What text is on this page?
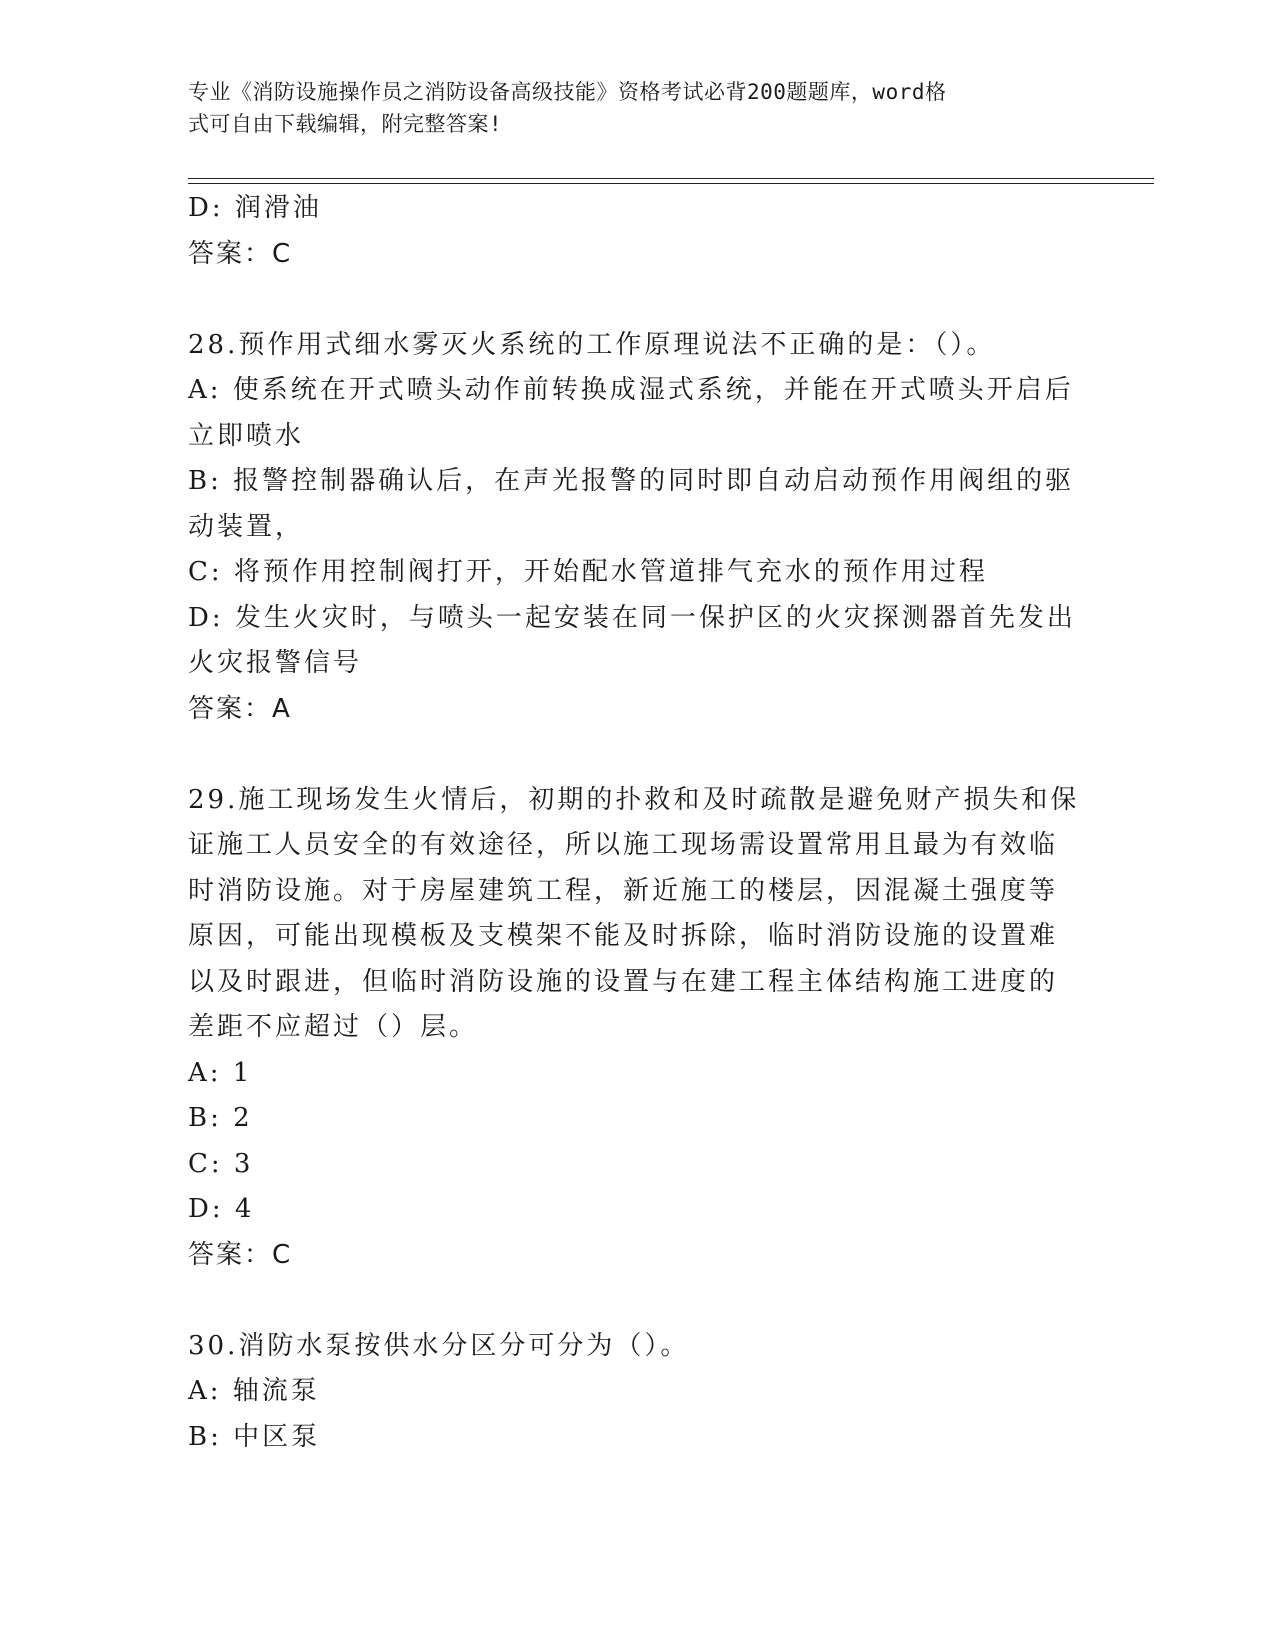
专业《消防设施操作员之消防设备高级技能》资格考试必背200题题库，word格
式可自由下载编辑，附完整答案!
D: 润滑油
答案：C
28.预作用式细水雾灭火系统的工作原理说法不正确的是：（）。
A: 使系统在开式喷头动作前转换成湿式系统，并能在开式喷头开启后
立即喷水
B: 报警控制器确认后，在声光报警的同时即自动启动预作用阀组的驱
动装置，
C: 将预作用控制阀打开，开始配水管道排气充水的预作用过程
D: 发生火灾时，与喷头一起安装在同一保护区的火灾探测器首先发出
火灾报警信号
答案：A
29.施工现场发生火情后，初期的扑救和及时疏散是避免财产损失和保
证施工人员安全的有效途径，所以施工现场需设置常用且最为有效临
时消防设施。对于房屋建筑工程，新近施工的楼层，因混凝土强度等
原因，可能出现模板及支模架不能及时拆除，临时消防设施的设置难
以及时跟进，但临时消防设施的设置与在建工程主体结构施工进度的
差距不应超过（）层。
A: 1
B: 2
C: 3
D: 4
答案：C
30.消防水泵按供水分区分可分为（）。
A: 轴流泵
B: 中区泵
